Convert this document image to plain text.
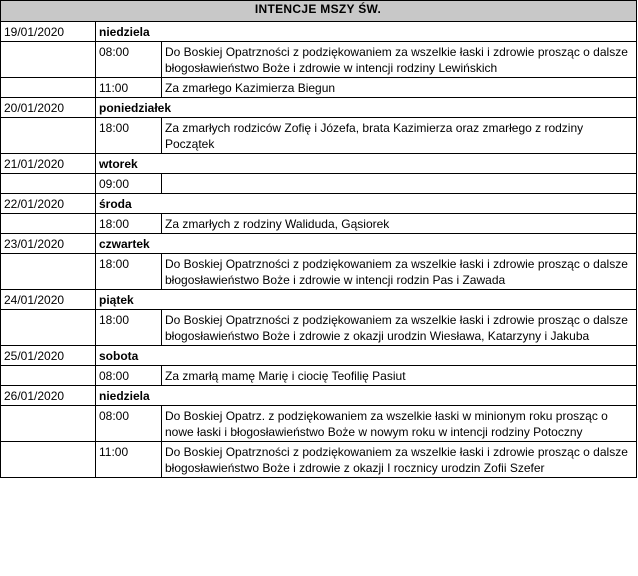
INTENCJE MSZY ŚW.		
19/01/2020	niedziela	
	08:00	Do Boskiej Opatrzności z podziękowaniem za wszelkie łaski i zdrowie prosząc o dalsze błogosławieństwo Boże i zdrowie w intencji rodziny Lewińskich
	11:00	Za zmarłego Kazimierza Biegun
20/01/2020	poniedziałek	
	18:00	Za zmarłych rodziców Zofię i Józefa, brata Kazimierza oraz zmarłego z rodziny Początek
21/01/2020	wtorek	
	09:00	
22/01/2020	środa	
	18:00	Za zmarłych z rodziny Waliduda, Gąsiorek
23/01/2020	czwartek	
	18:00	Do Boskiej Opatrzności z podziękowaniem za wszelkie łaski i zdrowie prosząc o dalsze błogosławieństwo Boże i zdrowie w intencji rodzin Pas i Zawada
24/01/2020	piątek	
	18:00	Do Boskiej Opatrzności z podziękowaniem za wszelkie łaski i zdrowie prosząc o dalsze błogosławieństwo Boże i zdrowie z okazji urodzin Wiesława, Katarzyny i Jakuba
25/01/2020	sobota	
	08:00	Za zmarłą mamę Marię i ciocię Teofilię Pasiut
26/01/2020	niedziela	
	08:00	Do Boskiej Opatrz. z podziękowaniem za wszelkie łaski w minionym roku prosząc o nowe łaski i błogosławieństwo Boże w nowym roku w intencji rodziny Potoczny
	11:00	Do Boskiej Opatrzności z podziękowaniem za wszelkie łaski i zdrowie prosząc o dalsze błogosławieństwo Boże i zdrowie z okazji I rocznicy urodzin Zofii Szefer
